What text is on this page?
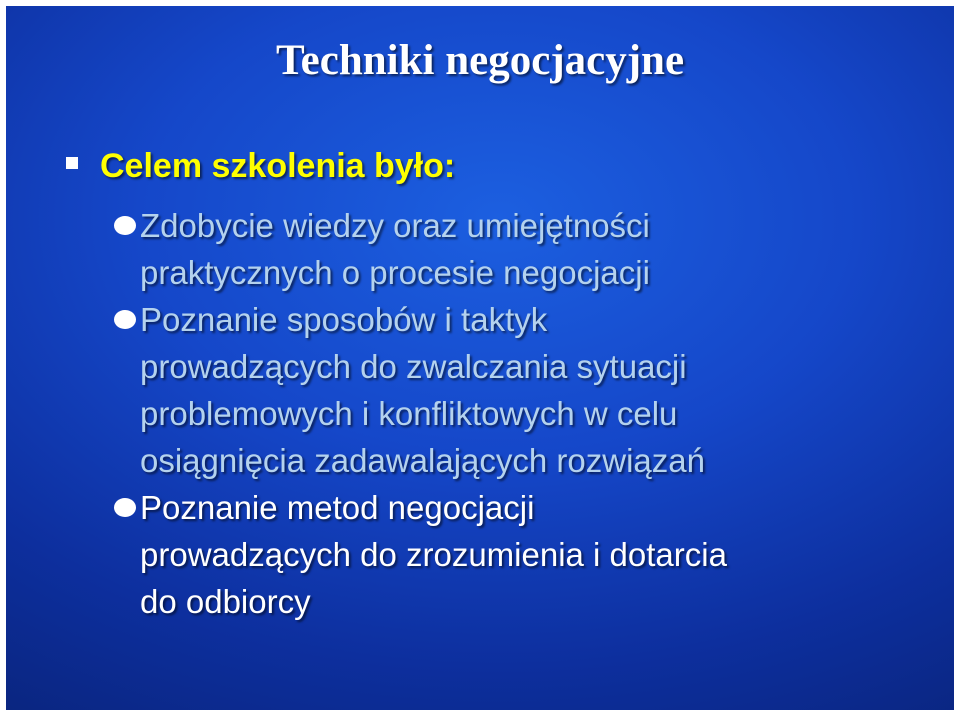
Techniki negocjacyjne
Celem szkolenia było:
Zdobycie wiedzy oraz umiejętności
praktycznych o procesie negocjacji
Poznanie sposobów i taktyk
prowadzących do zwalczania sytuacji
problemowych i konfliktowych w celu
osiągnięcia zadawalających rozwiązań
Poznanie metod negocjacji
prowadzących do zrozumienia i dotarcia
do odbiorcy
